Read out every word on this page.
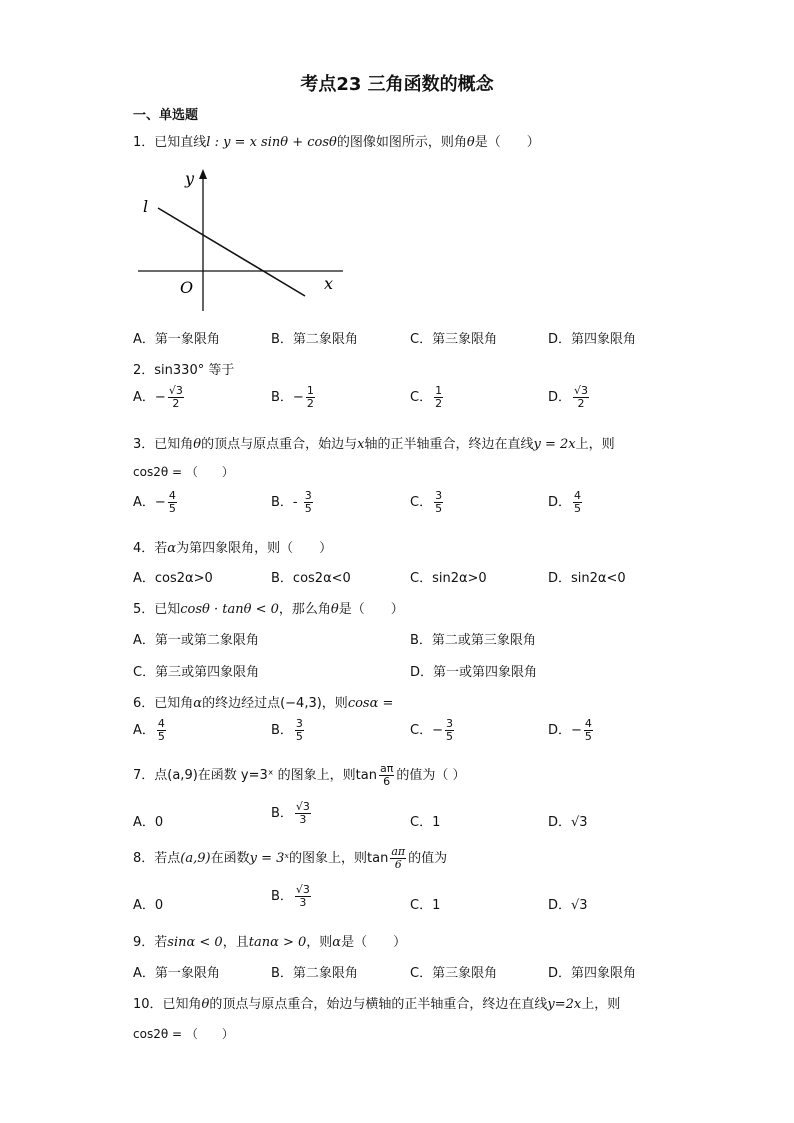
考点23 三角函数的概念
一、单选题
1．已知直线l : y = x sinθ + cosθ的图像如图所示，则角θ是（　　）
y
l
O	x
A．第一象限角	B．第二象限角	C．第三象限角	D．第四象限角
2．sin330° 等于
A．− $\frac{√3}{2}$	B．− $\frac{1}{2}$	C． $\frac{1}{2}$	D． $\frac{√3}{2}$
3．已知角θ的顶点与原点重合，始边与x轴的正半轴重合，终边在直线y = 2x上，则
cos2θ = （　　）
A．− $\frac{4}{5}$	B．- $\frac{3}{5}$	C． $\frac{3}{5}$	D． $\frac{4}{5}$
4．若α为第四象限角，则（　　）
A．cos2α>0	B．cos2α<0	C．sin2α>0	D．sin2α<0
5．已知cosθ · tanθ < 0，那么角θ是（　　）
A．第一或第二象限角	B．第二或第三象限角
C．第三或第四象限角	D．第一或第四象限角
6．已知角α的终边经过点(−4,3)，则cosα =
A． $\frac{4}{5}$	B． $\frac{3}{5}$	C．− $\frac{3}{5}$	D．− $\frac{4}{5}$
7．点(a,9)在函数 y=3ˣ 的图象上，则$\tan \frac{a\pi}{6}$ 的值为（ ）
A．0
B． $\frac{√3}{3}$	C．1	D．√3
8．若点(a,9)在函数y = 3ˣ的图象上，则$\tan \frac{a\pi}{6}$ 的值为
A．0
B． $\frac{√3}{3}$	C．1	D．√3
9．若sinα < 0，且tanα > 0，则α是（　　）
A．第一象限角	B．第二象限角	C．第三象限角	D．第四象限角
10．已知角θ的顶点与原点重合，始边与横轴的正半轴重合，终边在直线y=2x上，则
cos2θ = （　　）
